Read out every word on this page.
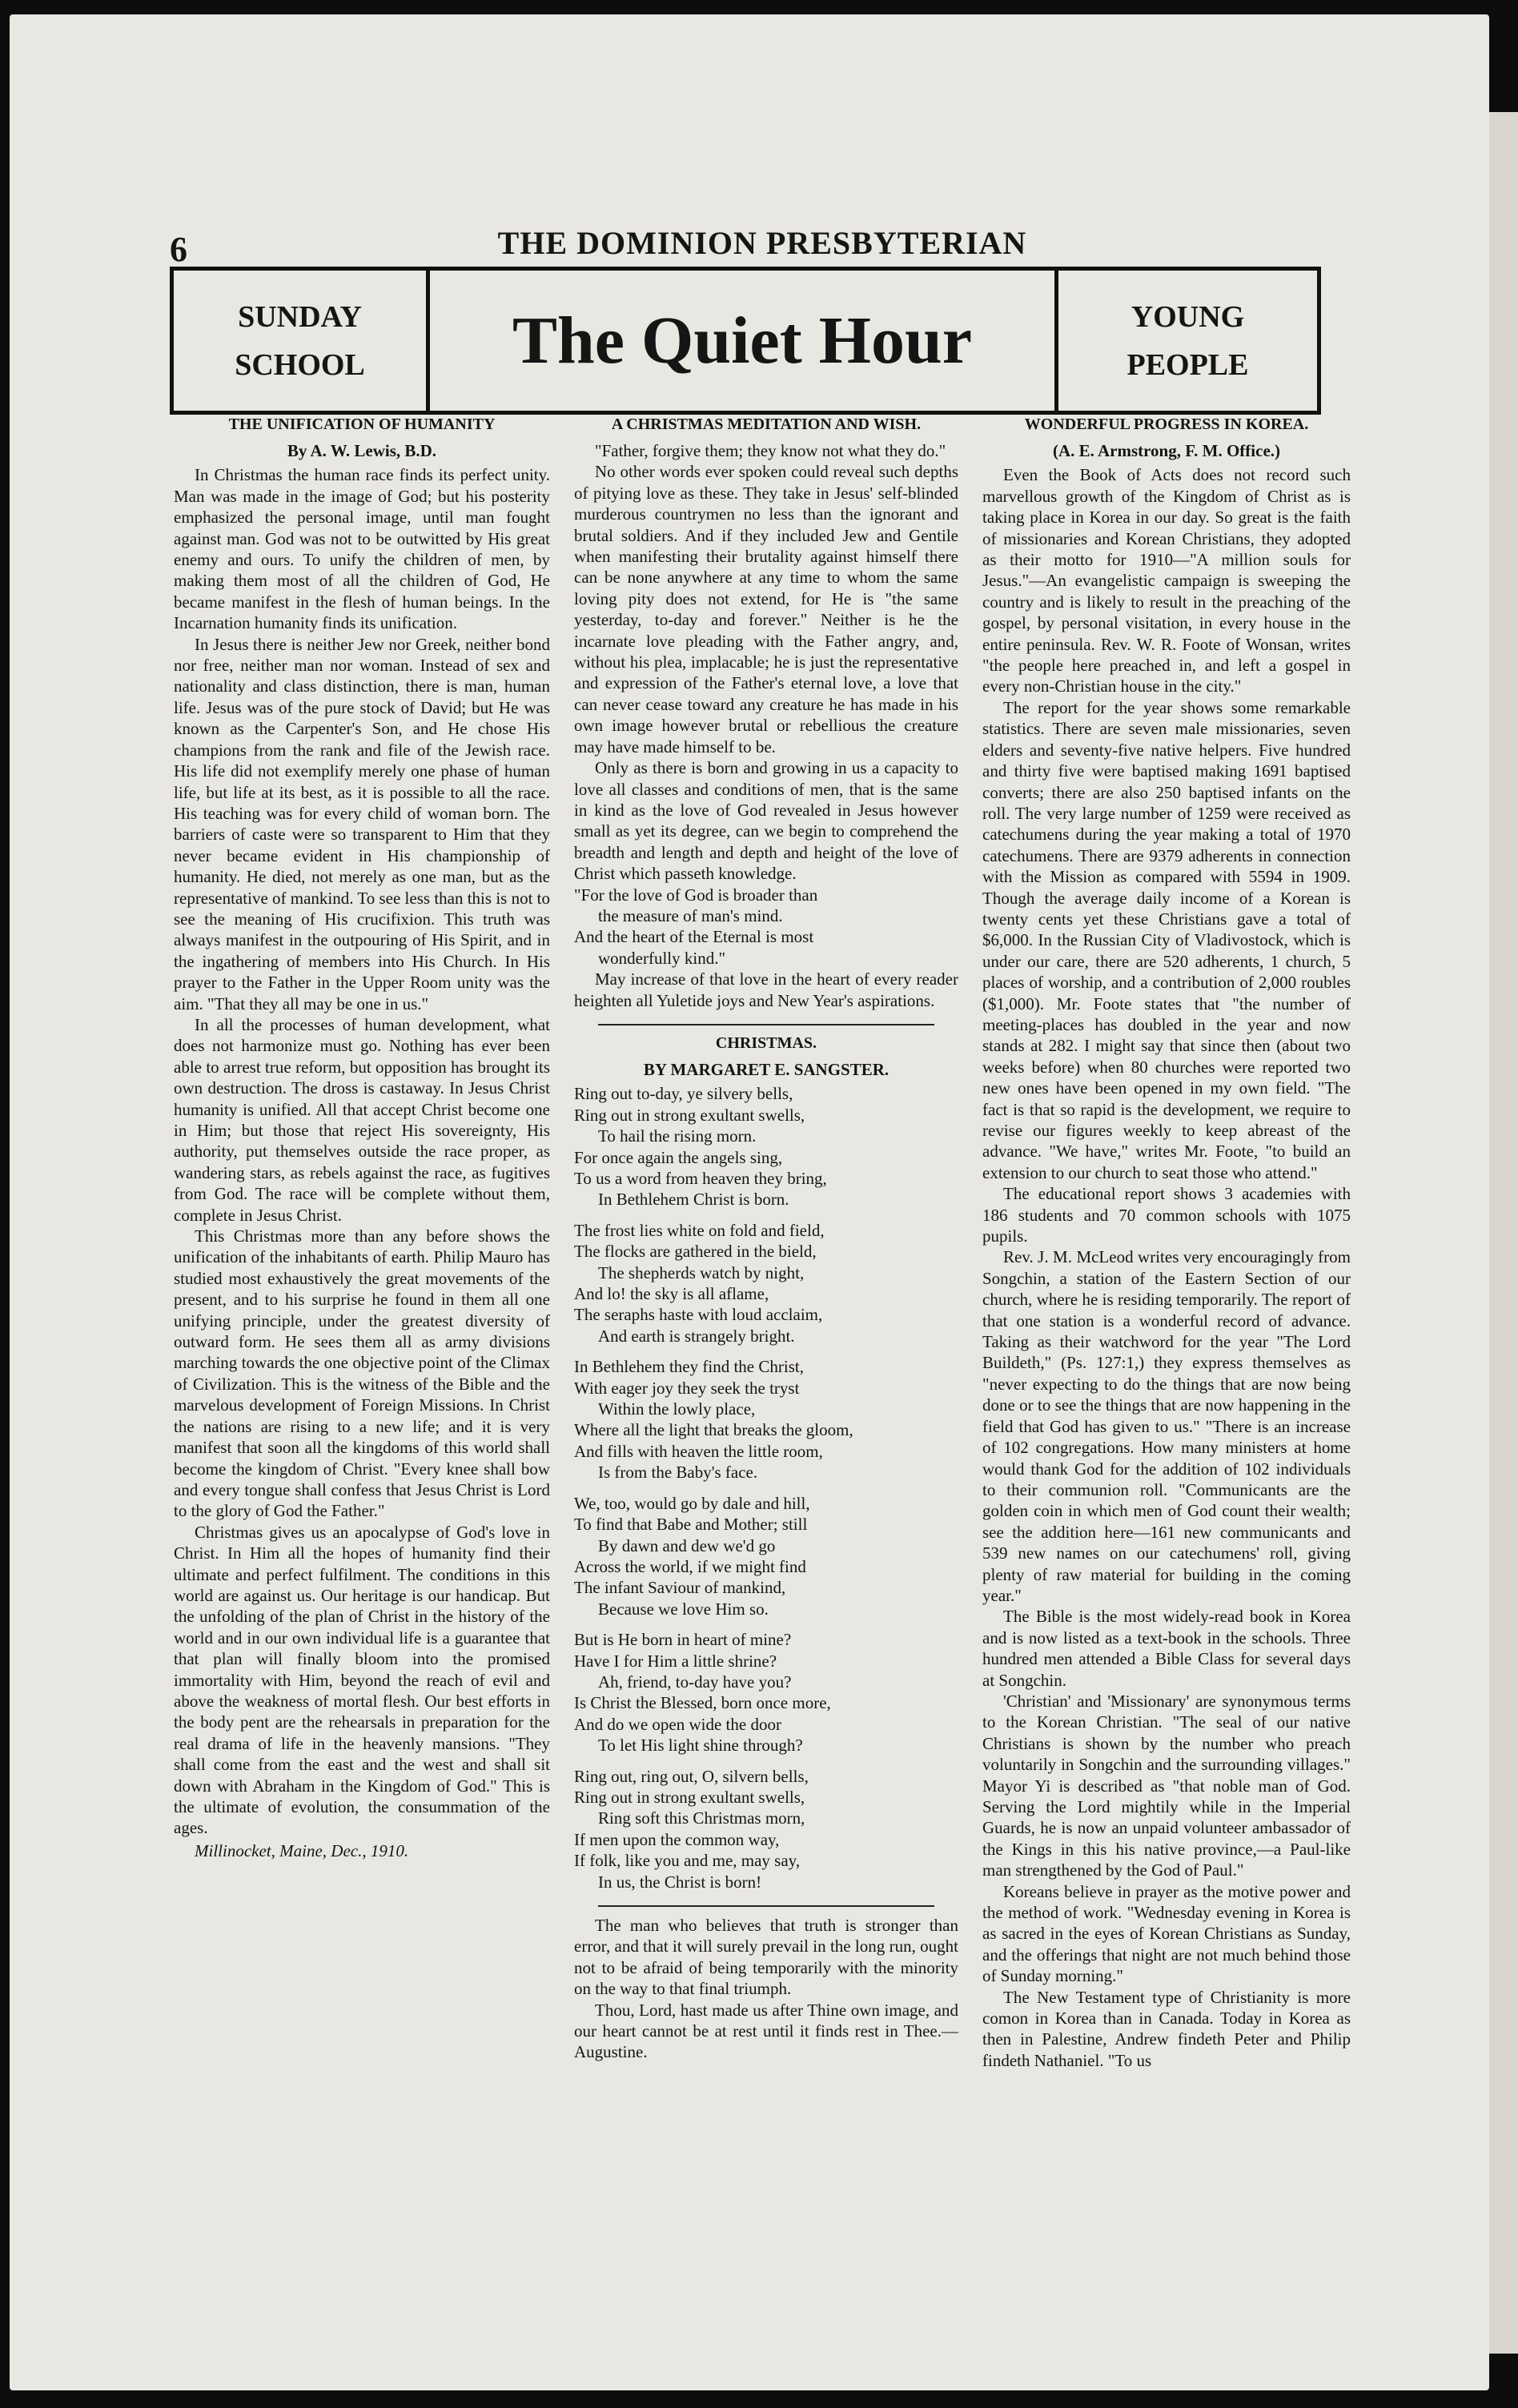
6	THE DOMINION PRESBYTERIAN
SUNDAY
SCHOOL	The Quiet Hour	YOUNG
PEOPLE
THE UNIFICATION OF HUMANITY
By A. W. Lewis, B.D.

In Christmas the human race finds its perfect unity. Man was made in the image of God; but his posterity emphasized the personal image, until man fought against man. God was not to be outwitted by His great enemy and ours. To unify the children of men, by making them most of all the children of God, He became manifest in the flesh of human beings. In the Incarnation humanity finds its unification.

In Jesus there is neither Jew nor Greek, neither bond nor free, neither man nor woman. Instead of sex and nationality and class distinction, there is man, human life. Jesus was of the pure stock of David; but He was known as the Carpenter's Son, and He chose His champions from the rank and file of the Jewish race. His life did not exemplify merely one phase of human life, but life at its best, as it is possible to all the race. His teaching was for every child of woman born. The barriers of caste were so transparent to Him that they never became evident in His championship of humanity. He died, not merely as one man, but as the representative of mankind. To see less than this is not to see the meaning of His crucifixion. This truth was always manifest in the outpouring of His Spirit, and in the ingathering of members into His Church. In His prayer to the Father in the Upper Room unity was the aim. "That they all may be one in us."

In all the processes of human development, what does not harmonize must go. Nothing has ever been able to arrest true reform, but opposition has brought its own destruction. The dross is castaway. In Jesus Christ humanity is unified. All that accept Christ become one in Him; but those that reject His sovereignty, His authority, put themselves outside the race proper, as wandering stars, as rebels against the race, as fugitives from God. The race will be complete without them, complete in Jesus Christ.

This Christmas more than any before shows the unification of the inhabitants of earth. Philip Mauro has studied most exhaustively the great movements of the present, and to his surprise he found in them all one unifying principle, under the greatest diversity of outward form. He sees them all as army divisions marching towards the one objective point of the Climax of Civilization. This is the witness of the Bible and the marvelous development of Foreign Missions. In Christ the nations are rising to a new life; and it is very manifest that soon all the kingdoms of this world shall become the kingdom of Christ. "Every knee shall bow and every tongue shall confess that Jesus Christ is Lord to the glory of God the Father."

Christmas gives us an apocalypse of God's love in Christ. In Him all the hopes of humanity find their ultimate and perfect fulfilment. The conditions in this world are against us. Our heritage is our handicap. But the unfolding of the plan of Christ in the history of the world and in our own individual life is a guarantee that that plan will finally bloom into the promised immortality with Him, beyond the reach of evil and above the weakness of mortal flesh. Our best efforts in the body pent are the rehearsals in preparation for the real drama of life in the heavenly mansions. "They shall come from the east and the west and shall sit down with Abraham in the Kingdom of God." This is the ultimate of evolution, the consummation of the ages.

Millinocket, Maine, Dec., 1910.

A CHRISTMAS MEDITATION AND WISH.

"Father, forgive them; they know not what they do."

No other words ever spoken could reveal such depths of pitying love as these. They take in Jesus' self-blinded murderous countrymen no less than the ignorant and brutal soldiers. And if they included Jew and Gentile when manifesting their brutality against himself there can be none anywhere at any time to whom the same loving pity does not extend, for He is "the same yesterday, to-day and forever." Neither is he the incarnate love pleading with the Father angry, and, without his plea, implacable; he is just the representative and expression of the Father's eternal love, a love that can never cease toward any creature he has made in his own image however brutal or rebellious the creature may have made himself to be.

Only as there is born and growing in us a capacity to love all classes and conditions of men, that is the same in kind as the love of God revealed in Jesus however small as yet its degree, can we begin to comprehend the breadth and length and depth and height of the love of Christ which passeth knowledge.

"For the love of God is broader than

the measure of man's mind.

And the heart of the Eternal is most

wonderfully kind."

May increase of that love in the heart of every reader heighten all Yuletide joys and New Year's aspirations.

CHRISTMAS.
BY MARGARET E. SANGSTER.

Ring out to-day, ye silvery bells,

Ring out in strong exultant swells,

To hail the rising morn.

For once again the angels sing,

To us a word from heaven they bring,

In Bethlehem Christ is born.

The frost lies white on fold and field,

The flocks are gathered in the bield,

The shepherds watch by night,

And lo! the sky is all aflame,

The seraphs haste with loud acclaim,

And earth is strangely bright.

In Bethlehem they find the Christ,

With eager joy they seek the tryst

Within the lowly place,

Where all the light that breaks the gloom,

And fills with heaven the little room,

Is from the Baby's face.

We, too, would go by dale and hill,

To find that Babe and Mother; still

By dawn and dew we'd go

Across the world, if we might find

The infant Saviour of mankind,

Because we love Him so.

But is He born in heart of mine?

Have I for Him a little shrine?

Ah, friend, to-day have you?

Is Christ the Blessed, born once more,

And do we open wide the door

To let His light shine through?

Ring out, ring out, O, silvern bells,

Ring out in strong exultant swells,

Ring soft this Christmas morn,

If men upon the common way,

If folk, like you and me, may say,

In us, the Christ is born!

The man who believes that truth is stronger than error, and that it will surely prevail in the long run, ought not to be afraid of being temporarily with the minority on the way to that final triumph.

Thou, Lord, hast made us after Thine own image, and our heart cannot be at rest until it finds rest in Thee.—Augustine.

WONDERFUL PROGRESS IN KOREA.
(A. E. Armstrong, F. M. Office.)

Even the Book of Acts does not record such marvellous growth of the Kingdom of Christ as is taking place in Korea in our day. So great is the faith of missionaries and Korean Christians, they adopted as their motto for 1910—"A million souls for Jesus."—An evangelistic campaign is sweeping the country and is likely to result in the preaching of the gospel, by personal visitation, in every house in the entire peninsula. Rev. W. R. Foote of Wonsan, writes "the people here preached in, and left a gospel in every non-Christian house in the city."

The report for the year shows some remarkable statistics. There are seven male missionaries, seven elders and seventy-five native helpers. Five hundred and thirty five were baptised making 1691 baptised converts; there are also 250 baptised infants on the roll. The very large number of 1259 were received as catechumens during the year making a total of 1970 catechumens. There are 9379 adherents in connection with the Mission as compared with 5594 in 1909. Though the average daily income of a Korean is twenty cents yet these Christians gave a total of $6,000. In the Russian City of Vladivostock, which is under our care, there are 520 adherents, 1 church, 5 places of worship, and a contribution of 2,000 roubles ($1,000). Mr. Foote states that "the number of meeting-places has doubled in the year and now stands at 282. I might say that since then (about two weeks before) when 80 churches were reported two new ones have been opened in my own field. "The fact is that so rapid is the development, we require to revise our figures weekly to keep abreast of the advance. "We have," writes Mr. Foote, "to build an extension to our church to seat those who attend."

The educational report shows 3 academies with 186 students and 70 common schools with 1075 pupils.

Rev. J. M. McLeod writes very encouragingly from Songchin, a station of the Eastern Section of our church, where he is residing temporarily. The report of that one station is a wonderful record of advance. Taking as their watchword for the year "The Lord Buildeth," (Ps. 127:1,) they express themselves as "never expecting to do the things that are now being done or to see the things that are now happening in the field that God has given to us." "There is an increase of 102 congregations. How many ministers at home would thank God for the addition of 102 individuals to their communion roll. "Communicants are the golden coin in which men of God count their wealth; see the addition here—161 new communicants and 539 new names on our catechumens' roll, giving plenty of raw material for building in the coming year."

The Bible is the most widely-read book in Korea and is now listed as a text-book in the schools. Three hundred men attended a Bible Class for several days at Songchin.

'Christian' and 'Missionary' are synonymous terms to the Korean Christian. "The seal of our native Christians is shown by the number who preach voluntarily in Songchin and the surrounding villages." Mayor Yi is described as "that noble man of God. Serving the Lord mightily while in the Imperial Guards, he is now an unpaid volunteer ambassador of the Kings in this his native province,—a Paul-like man strengthened by the God of Paul."

Koreans believe in prayer as the motive power and the method of work. "Wednesday evening in Korea is as sacred in the eyes of Korean Christians as Sunday, and the offerings that night are not much behind those of Sunday morning."

The New Testament type of Christianity is more comon in Korea than in Canada. Today in Korea as then in Palestine, Andrew findeth Peter and Philip findeth Nathaniel. "To us
